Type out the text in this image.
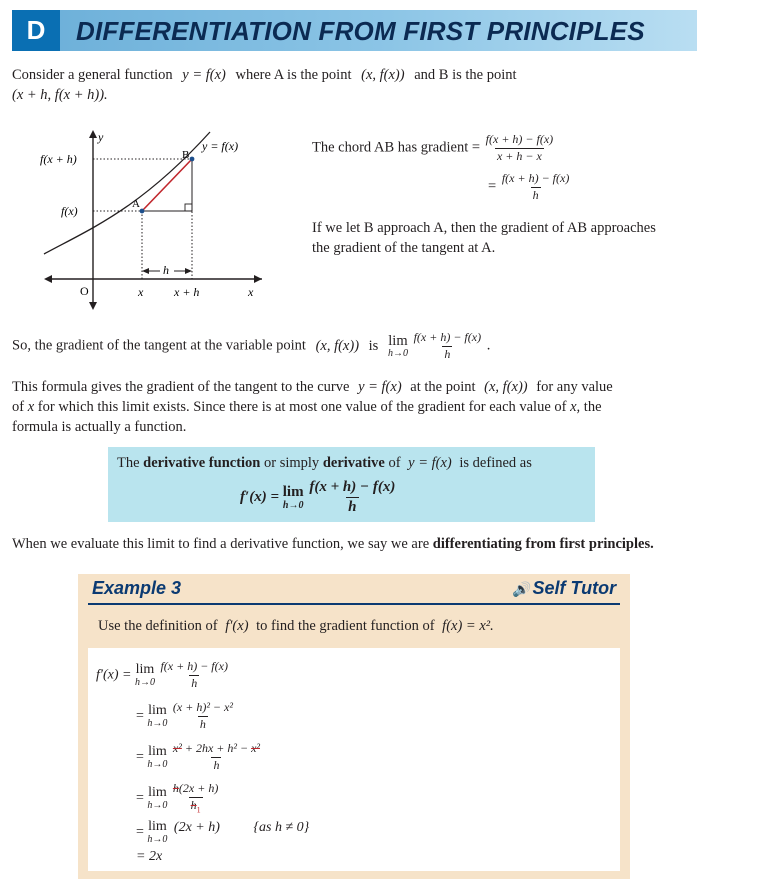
D	DIFFERENTIATION FROM FIRST PRINCIPLES
Consider a general function y = f(x) where A is the point (x, f(x)) and B is the point
(x + h, f(x + h)).
y
x
O
y = f(x)
f(x + h)
f(x)	A
B
x	x + h
h
The chord AB has gradient = $\frac{f(x + h) - f(x)}{x + h - x}$
= $\frac{f(x + h) - f(x)}{h}$
If we let B approach A, then the gradient of AB approaches
the gradient of the tangent at A.
So, the gradient of the tangent at the variable point (x, f(x)) is lim
h→0
$\frac{f(x + h) - f(x)}{h}$ .
This formula gives the gradient of the tangent to the curve y = f(x) at the point (x, f(x)) for any value
of x for which this limit exists. Since there is at most one value of the gradient for each value of x, the
formula is actually a function.
The derivative function or simply derivative of y = f(x) is defined as
f′(x) = lim
h→0
$\frac{f(x + h) - f(x)}{h}$
When we evaluate this limit to find a derivative function, we say we are differentiating from first principles.
Example 3	🔊 Self Tutor
Use the definition of f′(x) to find the gradient function of f(x) = x².
f′(x) = lim
h→0
$\frac{f(x + h) - f(x)}{h}$
= lim
h→0
$\frac{\text{(x + h)² − x²}}{h}$
= lim
h→0
$\frac{\text{x² + 2hx + h² − x²}}{h}$
= lim
h→0
$\frac{h(2x + h)}{h_1}$
= lim
h→0
(2x + h) {as h ≠ 0}
= 2x
